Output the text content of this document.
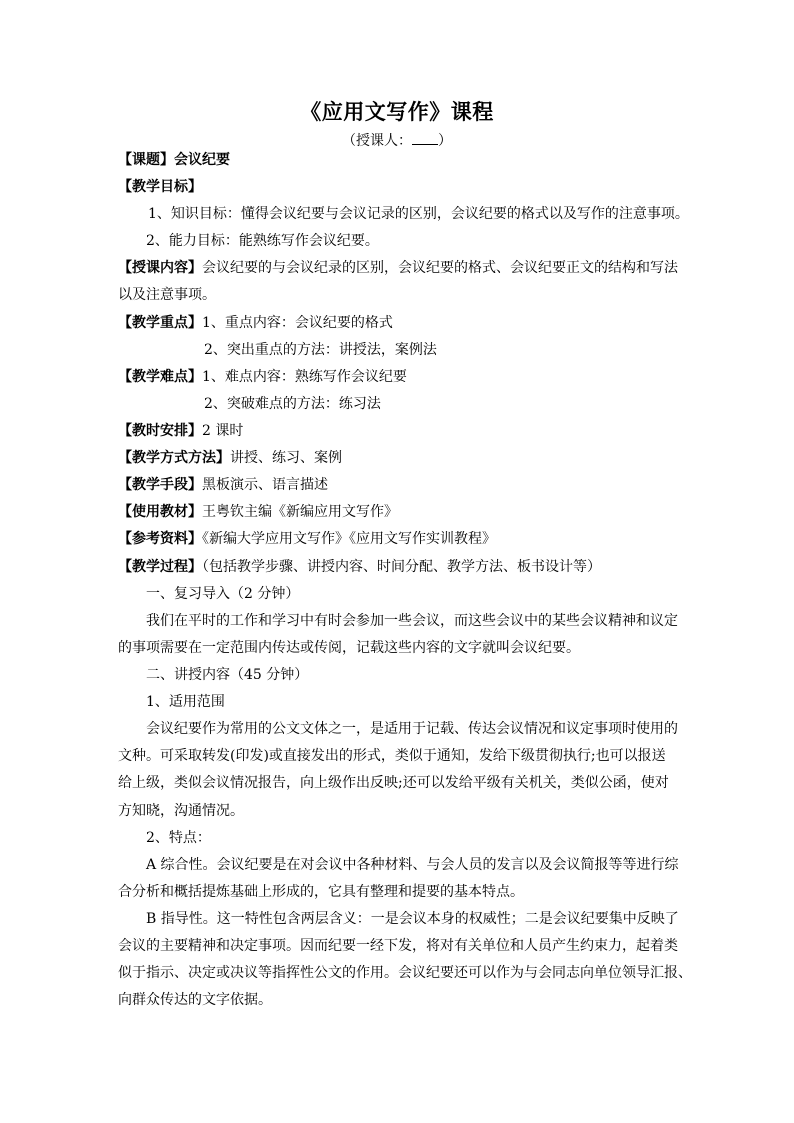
《应用文写作》课程
（授课人： ）
【课题】会议纪要
【教学目标】
1、知识目标：懂得会议纪要与会议记录的区别，会议纪要的格式以及写作的注意事项。
2、能力目标：能熟练写作会议纪要。
【授课内容】会议纪要的与会议纪录的区别，会议纪要的格式、会议纪要正文的结构和写法
以及注意事项。
【教学重点】1、重点内容：会议纪要的格式
2、突出重点的方法：讲授法，案例法
【教学难点】1、难点内容：熟练写作会议纪要
2、突破难点的方法：练习法
【教时安排】2 课时
【教学方式方法】讲授、练习、案例
【教学手段】黑板演示、语言描述
【使用教材】王粤钦主编《新编应用文写作》
【参考资料】《新编大学应用文写作》《应用文写作实训教程》
【教学过程】（包括教学步骤、讲授内容、时间分配、教学方法、板书设计等）
一、复习导入（2 分钟）
我们在平时的工作和学习中有时会参加一些会议，而这些会议中的某些会议精神和议定
的事项需要在一定范围内传达或传阅，记载这些内容的文字就叫会议纪要。
二、讲授内容（45 分钟）
1、适用范围
会议纪要作为常用的公文文体之一，是适用于记载、传达会议情况和议定事项时使用的
文种。可采取转发(印发)或直接发出的形式，类似于通知，发给下级贯彻执行;也可以报送
给上级，类似会议情况报告，向上级作出反映;还可以发给平级有关机关，类似公函，使对
方知晓，沟通情况。
2、特点：
A 综合性。会议纪要是在对会议中各种材料、与会人员的发言以及会议简报等等进行综
合分析和概括提炼基础上形成的，它具有整理和提要的基本特点。
B 指导性。这一特性包含两层含义：一是会议本身的权威性；二是会议纪要集中反映了
会议的主要精神和决定事项。因而纪要一经下发，将对有关单位和人员产生约束力，起着类
似于指示、决定或决议等指挥性公文的作用。会议纪要还可以作为与会同志向单位领导汇报、
向群众传达的文字依据。
